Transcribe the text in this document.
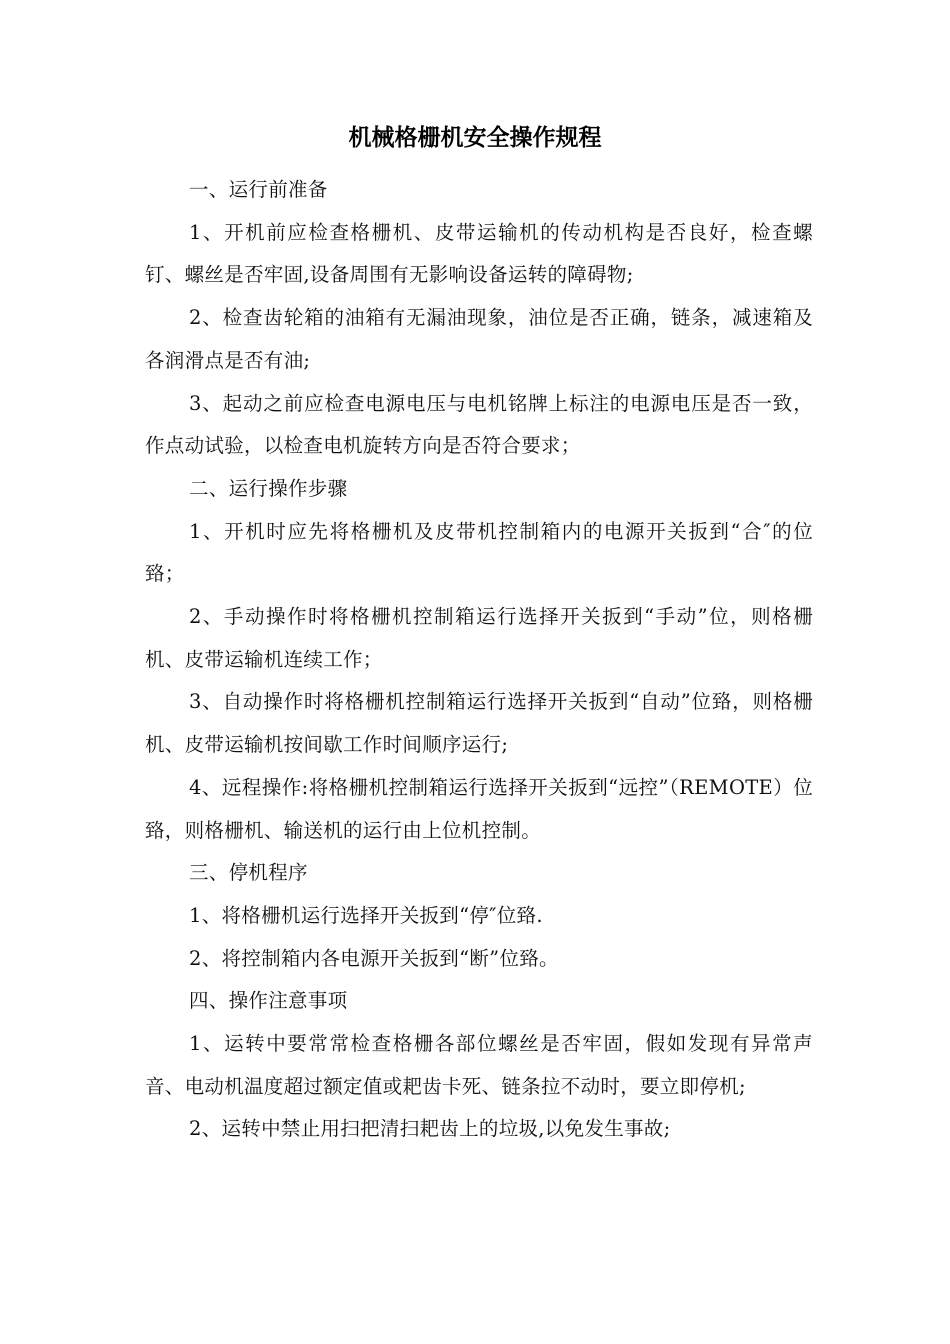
机械格栅机安全操作规程

一、运行前准备

1、开机前应检查格栅机、皮带运输机的传动机构是否良好，检查螺钉、螺丝是否牢固,设备周围有无影响设备运转的障碍物;

2、检查齿轮箱的油箱有无漏油现象，油位是否正确，链条，减速箱及各润滑点是否有油;

3、起动之前应检查电源电压与电机铭牌上标注的电源电压是否一致，作点动试验，以检查电机旋转方向是否符合要求；

二、运行操作步骤

1、开机时应先将格栅机及皮带机控制箱内的电源开关扳到“合″的位臵；

2、手动操作时将格栅机控制箱运行选择开关扳到“手动”位，则格栅机、皮带运输机连续工作；

3、自动操作时将格栅机控制箱运行选择开关扳到“自动”位臵，则格栅机、皮带运输机按间歇工作时间顺序运行;

4、远程操作:将格栅机控制箱运行选择开关扳到“远控”（REMOTE）位臵，则格栅机、输送机的运行由上位机控制。

三、停机程序

1、将格栅机运行选择开关扳到“停″位臵.

2、将控制箱内各电源开关扳到“断”位臵。

四、操作注意事项

1、运转中要常常检查格栅各部位螺丝是否牢固，假如发现有异常声音、电动机温度超过额定值或耙齿卡死、链条拉不动时，要立即停机;

2、运转中禁止用扫把清扫耙齿上的垃圾,以免发生事故;
